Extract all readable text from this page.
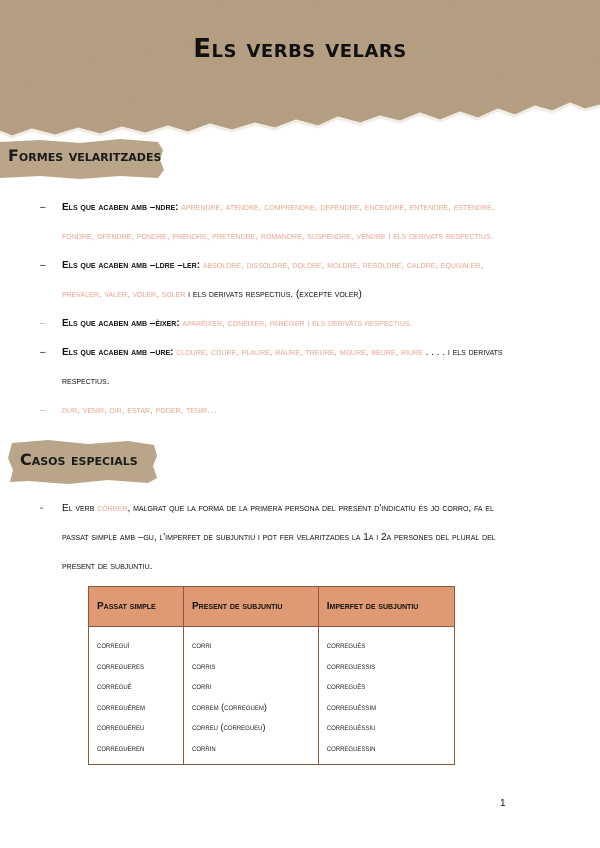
Els verbs velars
Formes velaritzades
– Els que acaben amb –ndre: aprendre, atendre, comprendre, dependre, encendre, entendre, estendre, fondre, ofendre, pondre, prendre, pretendre, romandre, suspendre, vendre i els derivats respectius.
– Els que acaben amb –ldre –ler: absoldre, dissoldre, doldre, moldre, resoldre, caldre, equivaler, prevaler, valer, voler, soler i els derivats respectius. (excepte voler)
– Els que acaben amb –èixer: aparèixer, conèixer, parèixer i els derivats respectius.
– Els que acaben amb –ure: cloure, coure, plaure, raure, treure, moure, beure, riure . . . . i els derivats respectius.
– dur, venir, dir, estar, poder, tenir…
Casos especials
- El verb córrer, malgrat que la forma de la primera persona del present d'indicatiu és jo corro, fa el passat simple amb –gu, l'imperfet de subjuntiu i pot fer velaritzades la 1a i 2a persones del plural del present de subjuntiu.
Passat simple	Present de subjuntiu	Imperfet de subjuntiu
correguí	corri	corregués
corregueres	corris	correguessis
corregué	corri	corregués
correguérem	correm (correguem)	correguéssim
correguéreu	correu (corregueu)	correguéssiu
corregueren	corrin	correguessin
1
